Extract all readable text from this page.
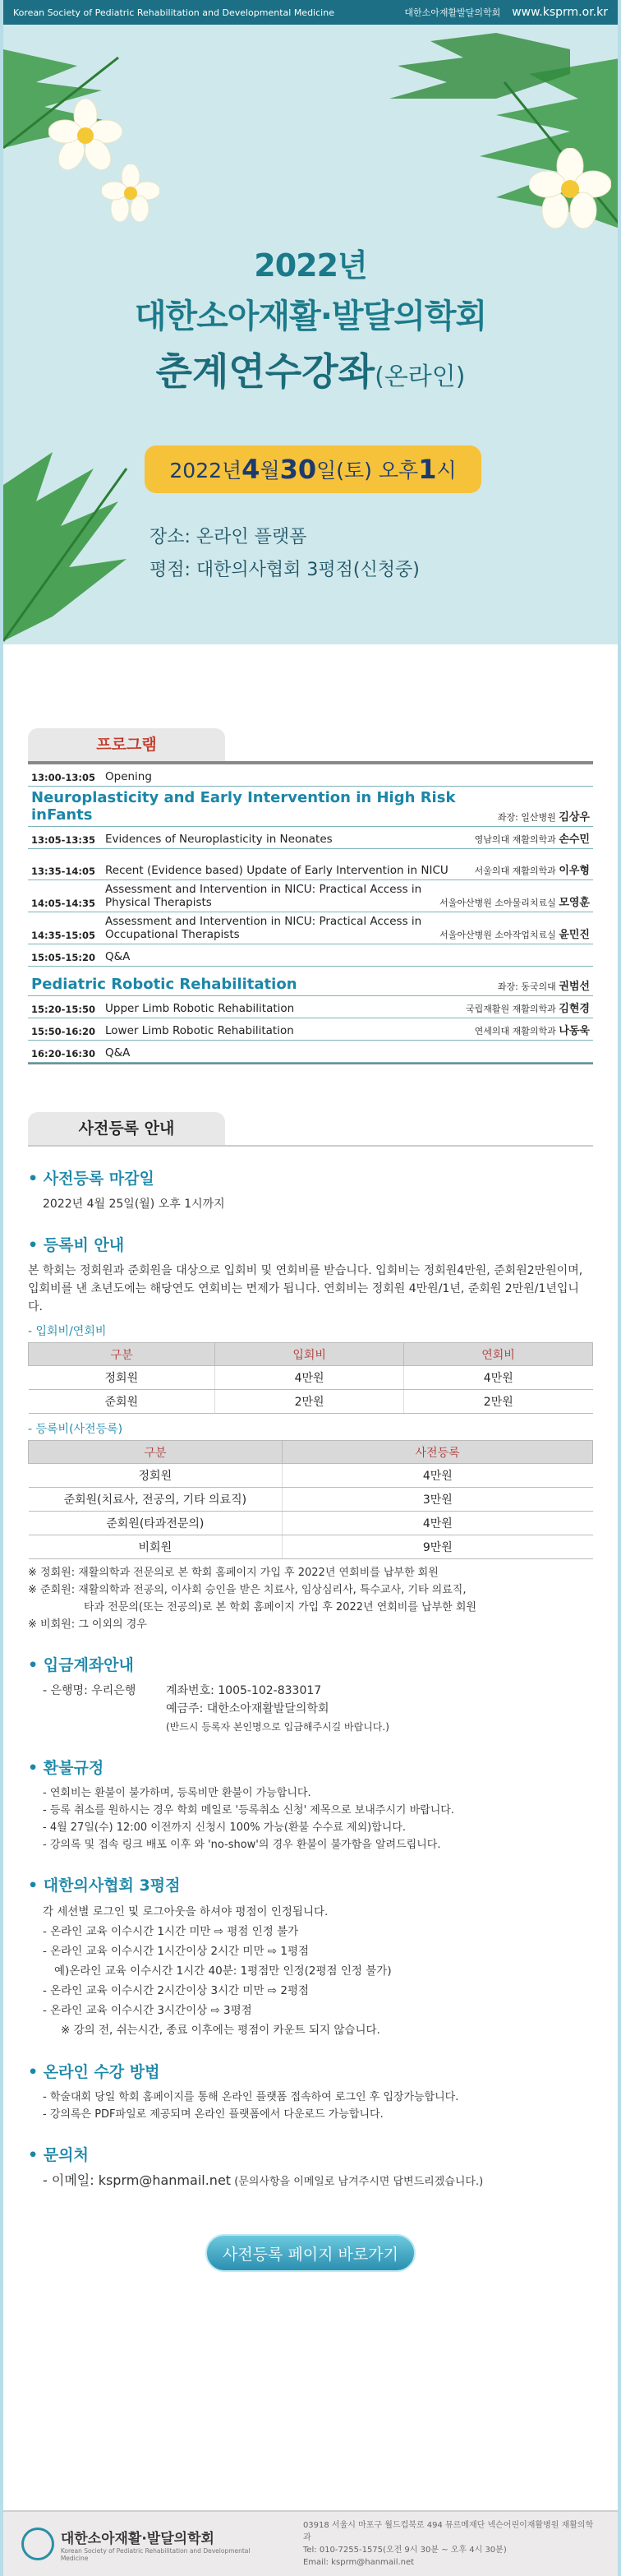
Korean Society of Pediatric Rehabilitation and Developmental Medicine	대한소아재활발달의학회 www.ksprm.or.kr
2022년
대한소아재활·발달의학회
춘계연수강좌(온라인)
2022년 4 월 30 일(토) 오후 1 시
장소: 온라인 플랫폼
평점: 대한의사협회 3평점(신청중)
프로그램
13:00-13:05 Opening
Neuroplasticity and Early Intervention in High Risk inFants	좌장: 일산병원 김상우
13:05-13:35 Evidences of Neuroplasticity in Neonates	영남의대 재활의학과 손수민
13:35-14:05 Recent (Evidence based) Update of Early Intervention in NICU	서울의대 재활의학과 이우형
14:05-14:35
Assessment and Intervention in NICU: Practical Access in Physical Therapists	서울아산병원 소아물리치료실 모영훈
14:35-15:05
Assessment and Intervention in NICU: Practical Access in Occupational Therapists	서울아산병원 소아작업치료실 윤민진
15:05-15:20 Q&A
Pediatric Robotic Rehabilitation	좌장: 동국의대 권범선
15:20-15:50 Upper Limb Robotic Rehabilitation	국립재활원 재활의학과 김현경
15:50-16:20 Lower Limb Robotic Rehabilitation	연세의대 재활의학과 나동욱
16:20-16:30 Q&A
사전등록 안내
• 사전등록 마감일
2022년 4월 25일(월) 오후 1시까지
• 등록비 안내
본 학회는 정회원과 준회원을 대상으로 입회비 및 연회비를 받습니다. 입회비는 정회원4만원, 준회원2만원이며, 입회비를 낸 초년도에는 해당연도 연회비는 면제가 됩니다. 연회비는 정회원 4만원/1년, 준회원 2만원/1년입니다.
- 입회비/연회비
구분	입회비	연회비
정회원	4만원	4만원
준회원	2만원	2만원
- 등록비(사전등록)
구분	사전등록
정회원	4만원
준회원(치료사, 전공의, 기타 의료직)	3만원
준회원(타과전문의)	4만원
비회원	9만원
※ 정회원: 재활의학과 전문의로 본 학회 홈페이지 가입 후 2022년 연회비를 납부한 회원
※ 준회원: 재활의학과 전공의, 이사회 승인을 받은 치료사, 임상심리사, 특수교사, 기타 의료직,
타과 전문의(또는 전공의)로 본 학회 홈페이지 가입 후 2022년 연회비를 납부한 회원
※ 비회원: 그 이외의 경우
• 입금계좌안내
- 은행명: 우리은행	계좌번호: 1005-102-833017
예금주: 대한소아재활발달의학회
(반드시 등록자 본인명으로 입금해주시길 바랍니다.)
• 환불규정
- 연회비는 환불이 불가하며, 등록비만 환불이 가능합니다.
- 등록 취소를 원하시는 경우 학회 메일로 '등록취소 신청' 제목으로 보내주시기 바랍니다.
- 4월 27일(수) 12:00 이전까지 신청시 100% 가능(환불 수수료 제외)합니다.
- 강의록 및 접속 링크 배포 이후 와 'no-show'의 경우 환불이 불가함을 알려드립니다.
• 대한의사협회 3평점
각 세션별 로그인 및 로그아웃을 하셔야 평점이 인정됩니다.
- 온라인 교육 이수시간 1시간 미만 ⇨ 평점 인정 불가
- 온라인 교육 이수시간 1시간이상 2시간 미만 ⇨ 1평점
예)온라인 교육 이수시간 1시간 40분: 1평점만 인정(2평점 인정 불가)
- 온라인 교육 이수시간 2시간이상 3시간 미만 ⇨ 2평점
- 온라인 교육 이수시간 3시간이상 ⇨ 3평점
※ 강의 전, 쉬는시간, 종료 이후에는 평점이 카운트 되지 않습니다.
• 온라인 수강 방법
- 학술대회 당일 학회 홈페이지를 통해 온라인 플랫폼 접속하여 로그인 후 입장가능합니다.
- 강의록은 PDF파일로 제공되며 온라인 플랫폼에서 다운로드 가능합니다.
• 문의처
- 이메일: ksprm@hanmail.net (문의사항을 이메일로 남겨주시면 답변드리겠습니다.)
사전등록 페이지 바로가기
대한소아재활·발달의학회
Korean Society of Pediatric Rehabilitation and Developmental Medicine
03918 서울시 마포구 월드컵북로 494 뮤르메재단 넥슨어린이재활병원 재활의학과
Tel: 010-7255-1575(오전 9시 30분 ~ 오후 4시 30분)
Email: ksprm@hanmail.net
